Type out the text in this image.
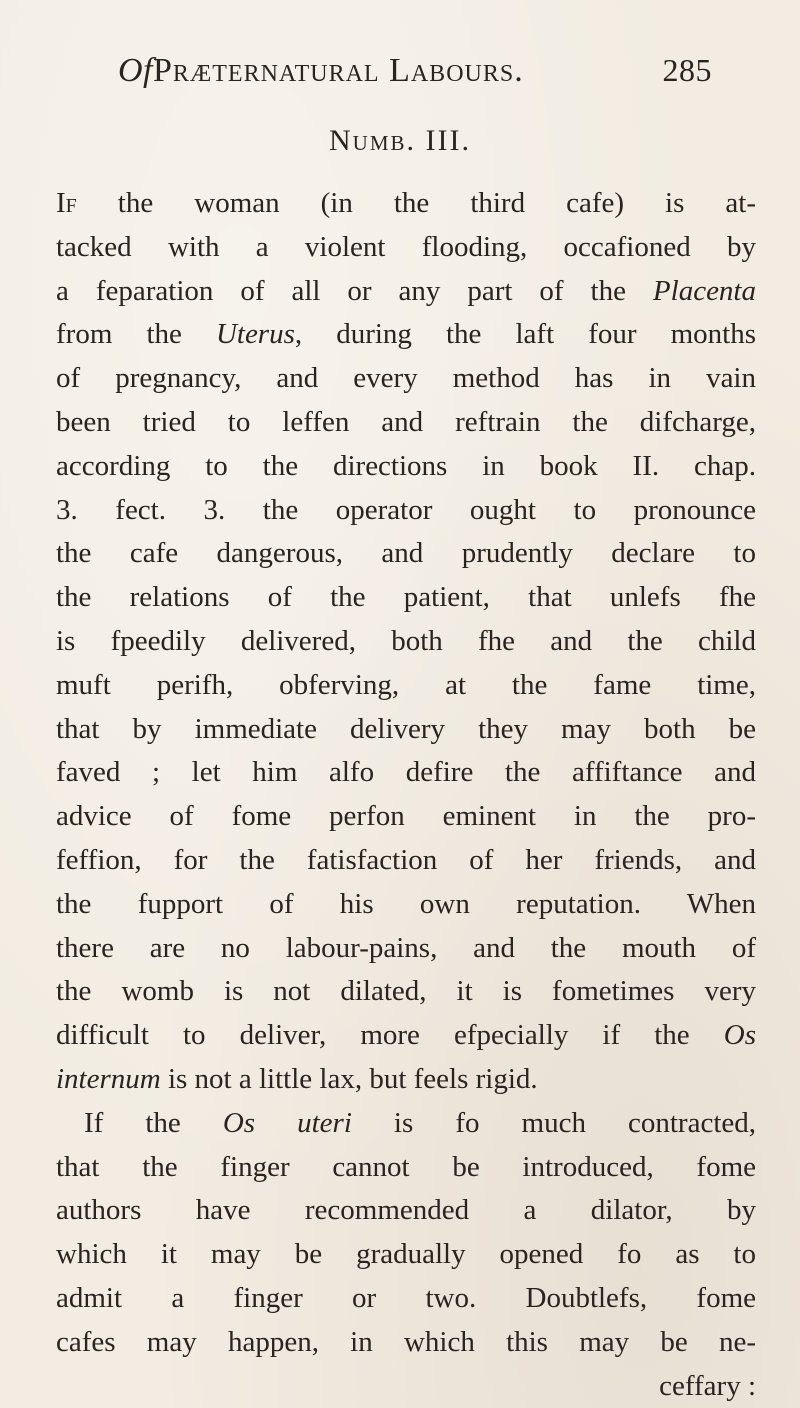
OfPræternatural Labours.	285
Numb. III.
If the woman (in the third cafe) is at-
tacked with a violent flooding, occafioned by
a feparation of all or any part of the Placenta
from the Uterus, during the laft four months
of pregnancy, and every method has in vain
been tried to leffen and reftrain the difcharge,
according to the directions in book II. chap.
3. fect. 3. the operator ought to pronounce
the cafe dangerous, and prudently declare to
the relations of the patient, that unlefs fhe
is fpeedily delivered, both fhe and the child
muft perifh, obferving, at the fame time,
that by immediate delivery they may both be
faved ; let him alfo defire the affiftance and
advice of fome perfon eminent in the pro-
feffion, for the fatisfaction of her friends, and
the fupport of his own reputation. When
there are no labour-pains, and the mouth of
the womb is not dilated, it is fometimes very
difficult to deliver, more efpecially if the Os
internum is not a little lax, but feels rigid.
If the Os uteri is fo much contracted,
that the finger cannot be introduced, fome
authors have recommended a dilator, by
which it may be gradually opened fo as to
admit a finger or two. Doubtlefs, fome
cafes may happen, in which this may be ne-
ceffary :
